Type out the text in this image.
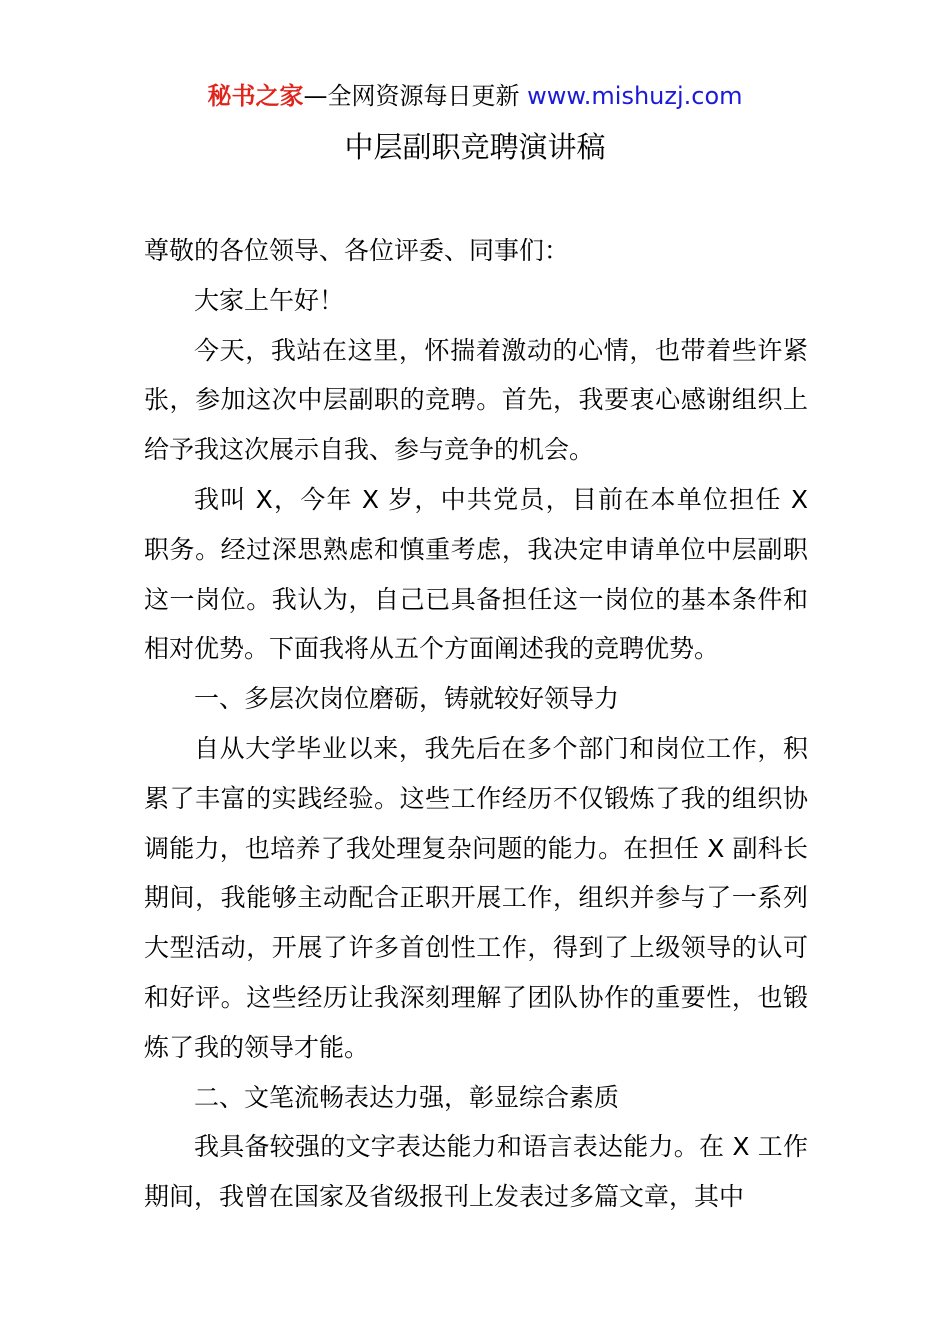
秘书之家—全网资源每日更新 www.mishuzj.com
中层副职竞聘演讲稿

尊敬的各位领导、各位评委、同事们：

大家上午好！

今天，我站在这里，怀揣着激动的心情，也带着些许紧张，参加这次中层副职的竞聘。首先，我要衷心感谢组织上给予我这次展示自我、参与竞争的机会。

我叫 X，今年 X 岁，中共党员，目前在本单位担任 X 职务。经过深思熟虑和慎重考虑，我决定申请单位中层副职这一岗位。我认为，自己已具备担任这一岗位的基本条件和相对优势。下面我将从五个方面阐述我的竞聘优势。

一、多层次岗位磨砺，铸就较好领导力

自从大学毕业以来，我先后在多个部门和岗位工作，积累了丰富的实践经验。这些工作经历不仅锻炼了我的组织协调能力，也培养了我处理复杂问题的能力。在担任 X 副科长期间，我能够主动配合正职开展工作，组织并参与了一系列大型活动，开展了许多首创性工作，得到了上级领导的认可和好评。这些经历让我深刻理解了团队协作的重要性，也锻炼了我的领导才能。

二、文笔流畅表达力强，彰显综合素质

我具备较强的文字表达能力和语言表达能力。在 X 工作期间，我曾在国家及省级报刊上发表过多篇文章，其中
